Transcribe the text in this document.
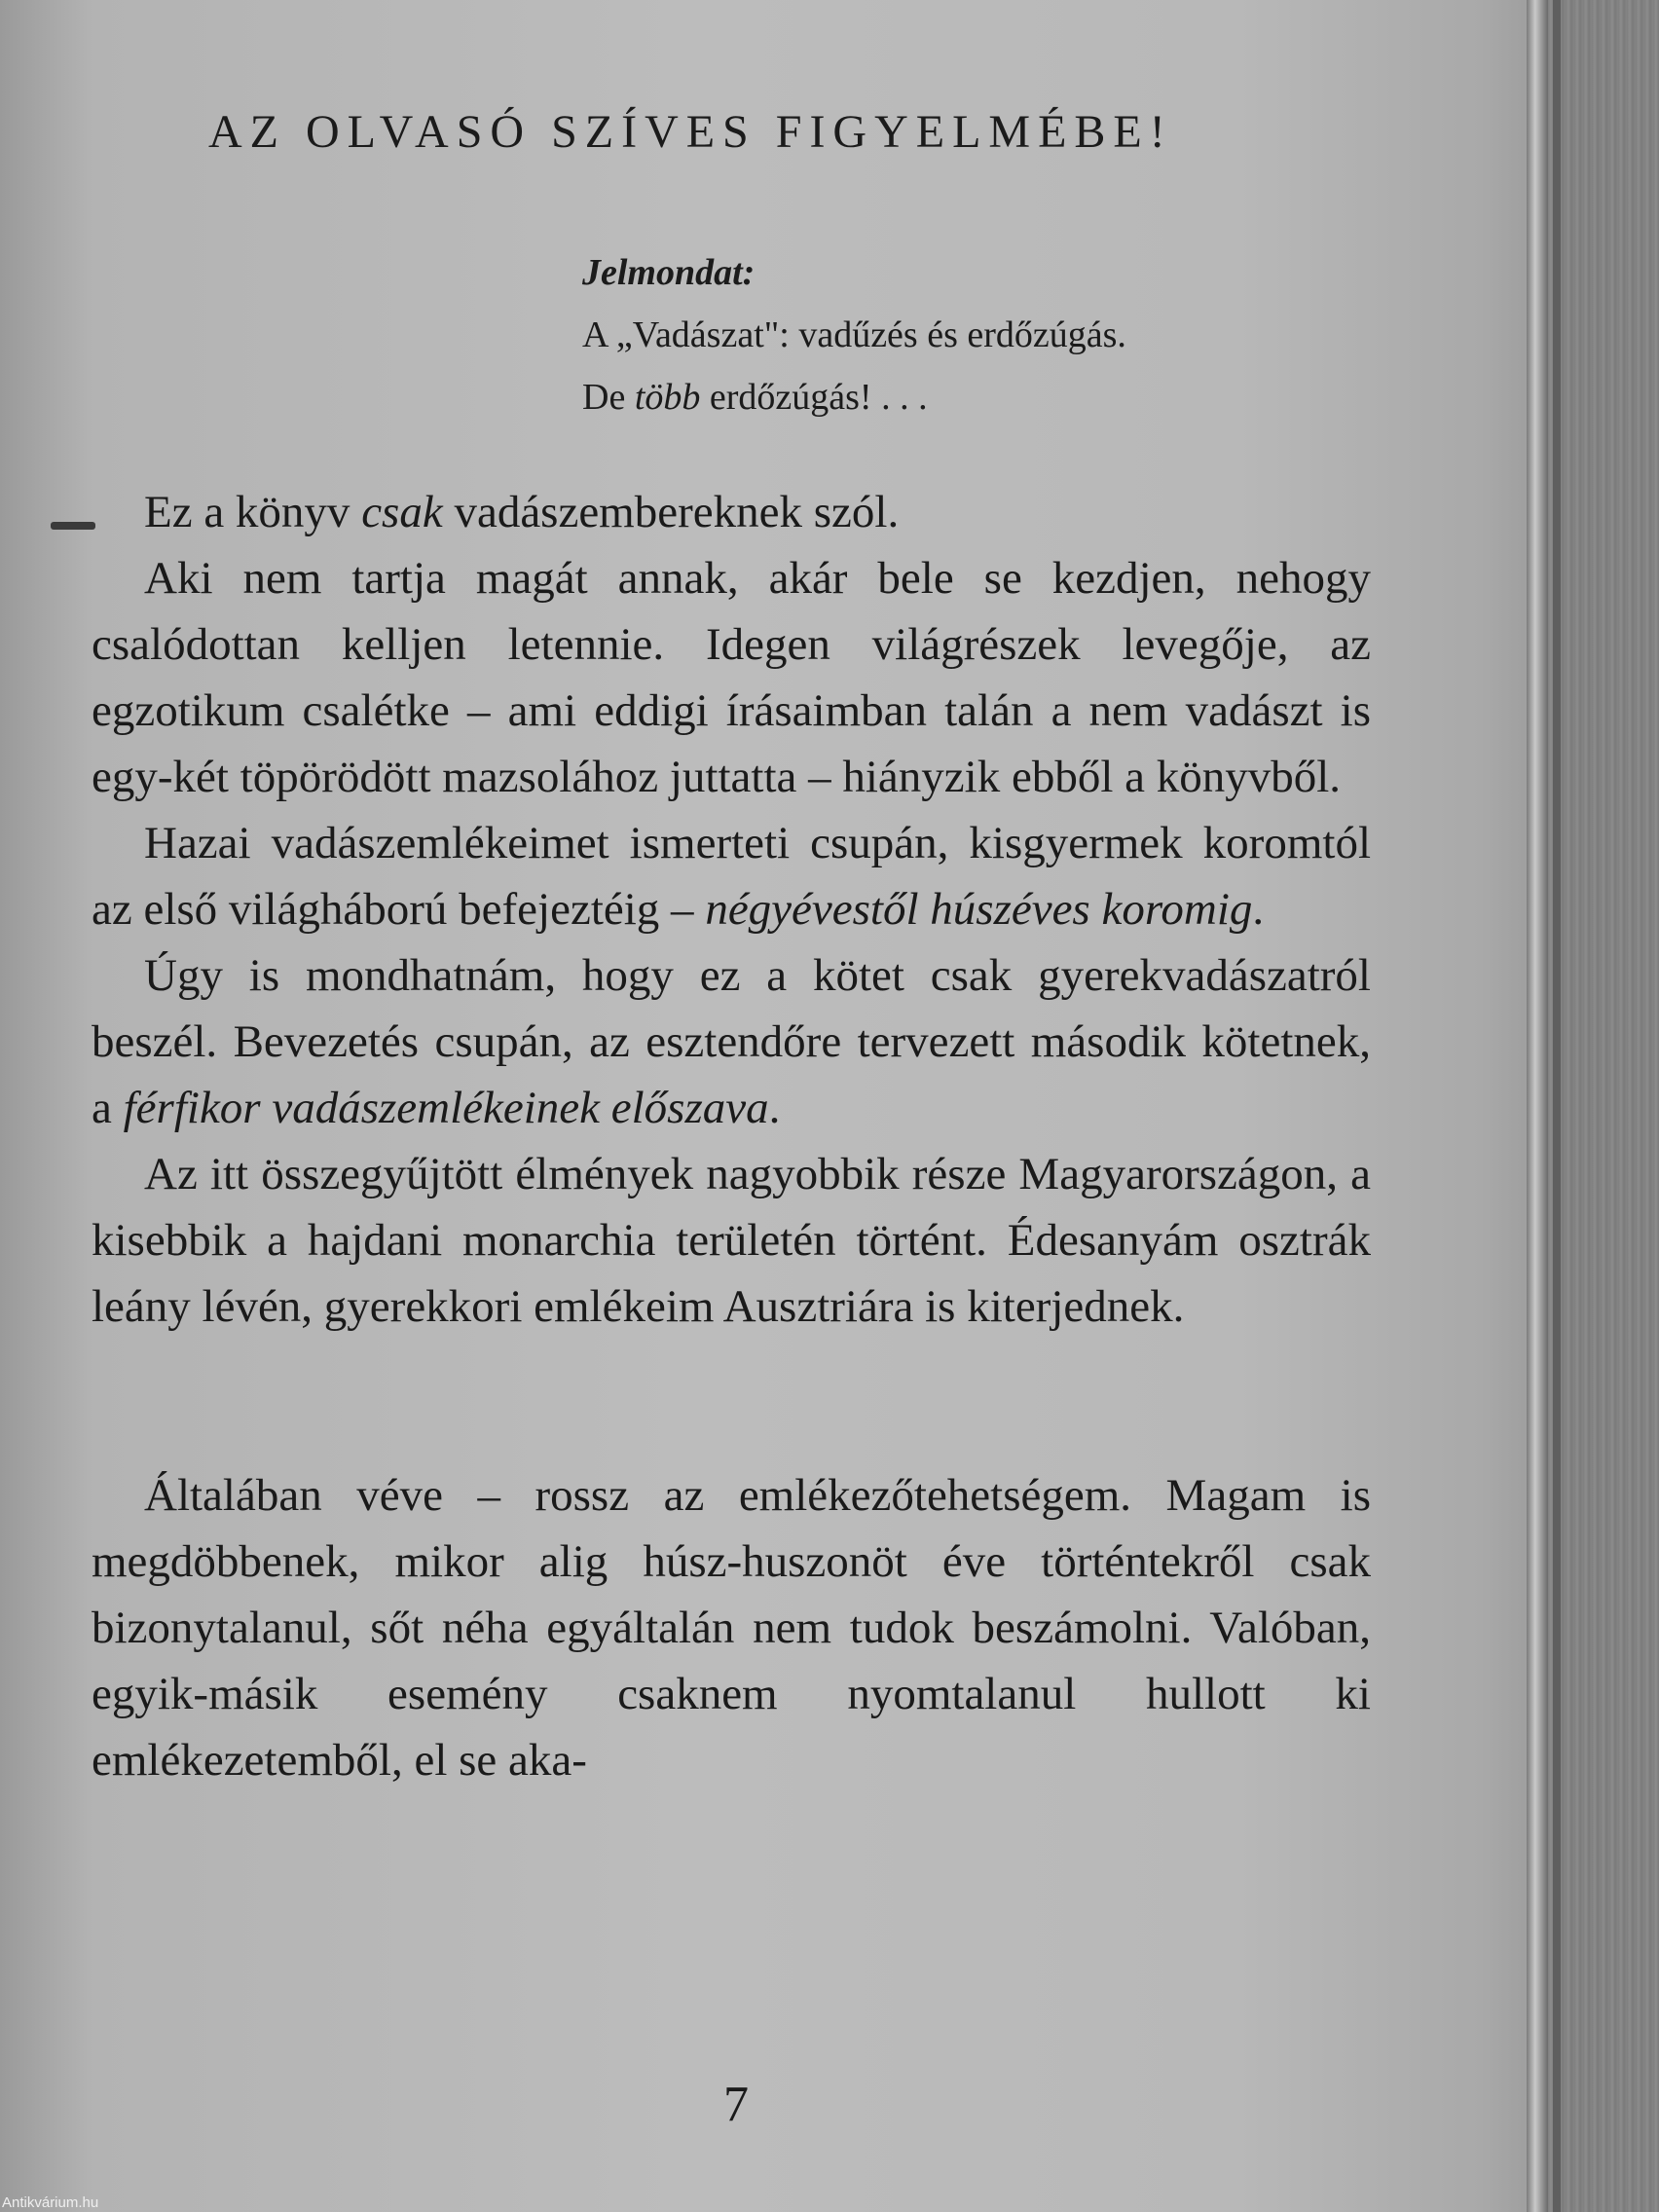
AZ OLVASÓ SZÍVES FIGYELMÉBE!
Jelmondat:
A „Vadászat": vadűzés és erdőzúgás.
De több erdőzúgás! . . .

Ez a könyv csak vadászembereknek szól.

Aki nem tartja magát annak, akár bele se kezdjen, nehogy csalódottan kelljen letennie. Idegen világrészek levegője, az egzotikum csalétke – ami eddigi írásaimban talán a nem vadászt is egy-két töpörödött mazsolához juttatta – hiányzik ebből a könyvből.

Hazai vadászemlékeimet ismerteti csupán, kisgyermek koromtól az első világháború befejeztéig – négyévestől húszéves koromig.

Úgy is mondhatnám, hogy ez a kötet csak gyerekvadászatról beszél. Bevezetés csupán, az esztendőre tervezett második kötetnek, a férfikor vadászemlékeinek előszava.

Az itt összegyűjtött élmények nagyobbik része Magyarországon, a kisebbik a hajdani monarchia területén történt. Édesanyám osztrák leány lévén, gyerekkori emlékeim Ausztriára is kiterjednek.

Általában véve – rossz az emlékezőtehetségem. Magam is megdöbbenek, mikor alig húsz-huszonöt éve történtekről csak bizonytalanul, sőt néha egyáltalán nem tudok beszámolni. Valóban, egyik-másik esemény csaknem nyomtalanul hullott ki emlékezetemből, el se aka-

7
Antikvárium.hu
